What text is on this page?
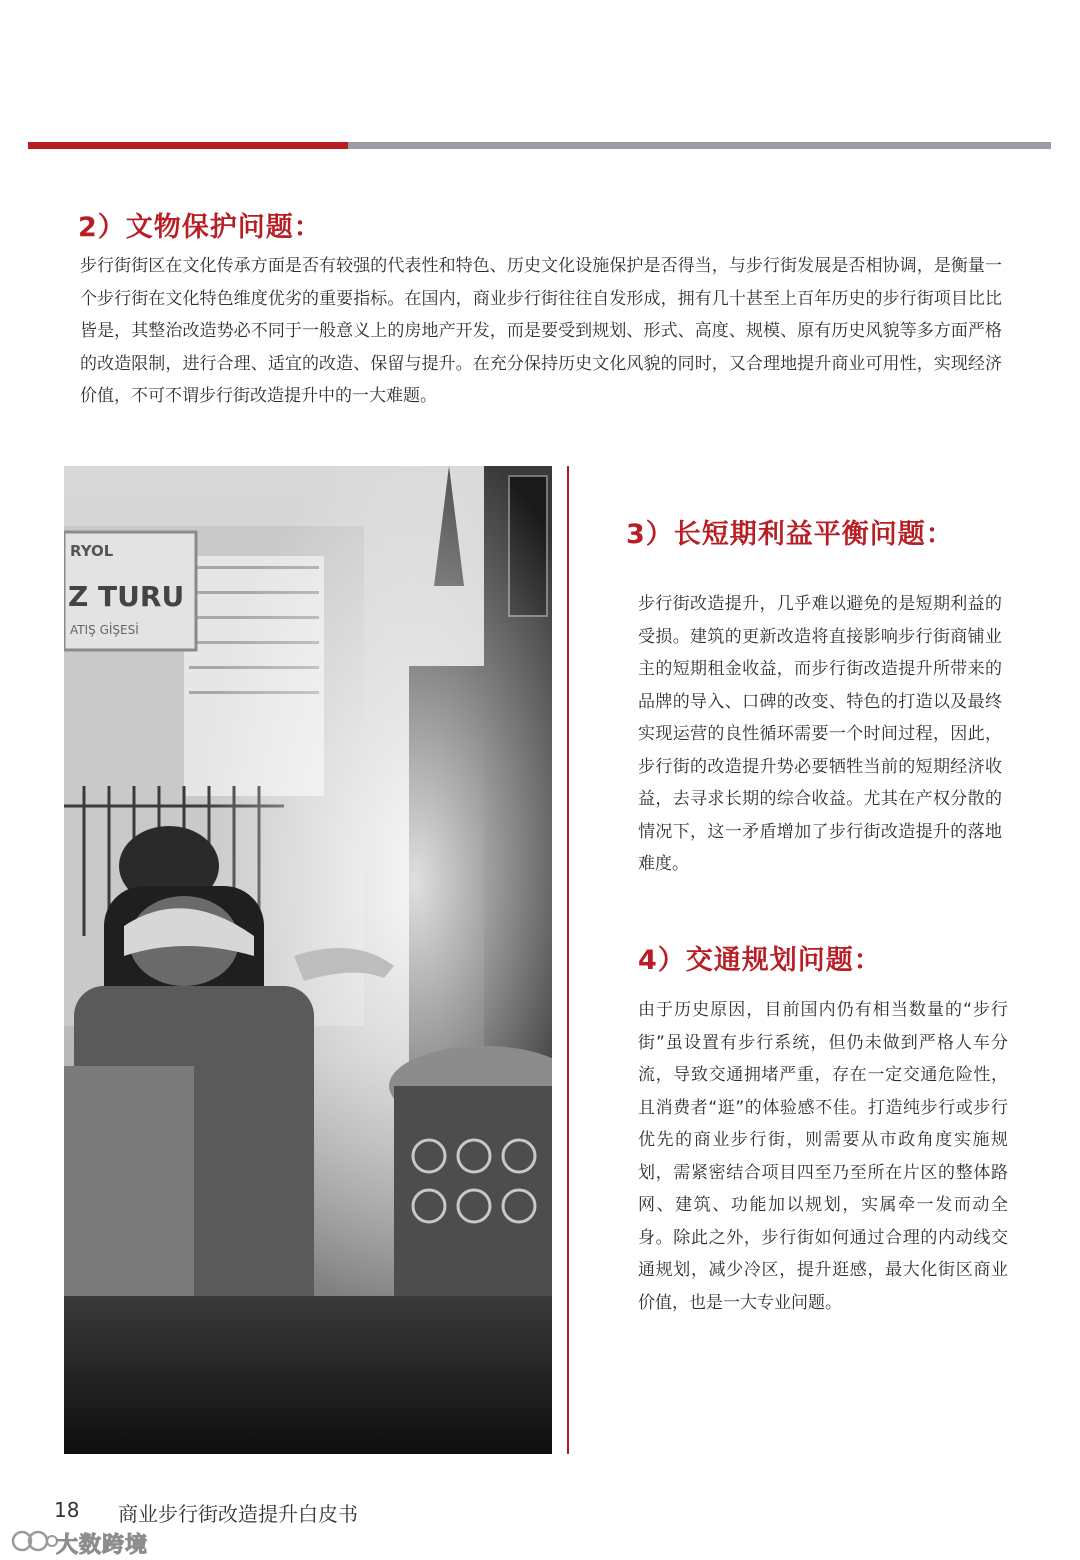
2）文物保护问题：

步行街街区在文化传承方面是否有较强的代表性和特色、历史文化设施保护是否得当，与步行街发展是否相协调，是衡量一个步行街在文化特色维度优劣的重要指标。在国内，商业步行街往往自发形成，拥有几十甚至上百年历史的步行街项目比比皆是，其整治改造势必不同于一般意义上的房地产开发，而是要受到规划、形式、高度、规模、原有历史风貌等多方面严格的改造限制，进行合理、适宜的改造、保留与提升。在充分保持历史文化风貌的同时，又合理地提升商业可用性，实现经济价值，不可不谓步行街改造提升中的一大难题。

3）长短期利益平衡问题：

步行街改造提升，几乎难以避免的是短期利益的受损。建筑的更新改造将直接影响步行街商铺业主的短期租金收益，而步行街改造提升所带来的品牌的导入、口碑的改变、特色的打造以及最终实现运营的良性循环需要一个时间过程，因此，步行街的改造提升势必要牺牲当前的短期经济收益，去寻求长期的综合收益。尤其在产权分散的情况下，这一矛盾增加了步行街改造提升的落地难度。

4）交通规划问题：

由于历史原因，目前国内仍有相当数量的“步行街”虽设置有步行系统，但仍未做到严格人车分流，导致交通拥堵严重，存在一定交通危险性，且消费者“逛”的体验感不佳。打造纯步行或步行优先的商业步行街，则需要从市政角度实施规划，需紧密结合项目四至乃至所在片区的整体路网、建筑、功能加以规划，实属牵一发而动全身。除此之外，步行街如何通过合理的内动线交通规划，减少冷区，提升逛感，最大化街区商业价值，也是一大专业问题。

18 商业步行街改造提升白皮书
大数跨境
